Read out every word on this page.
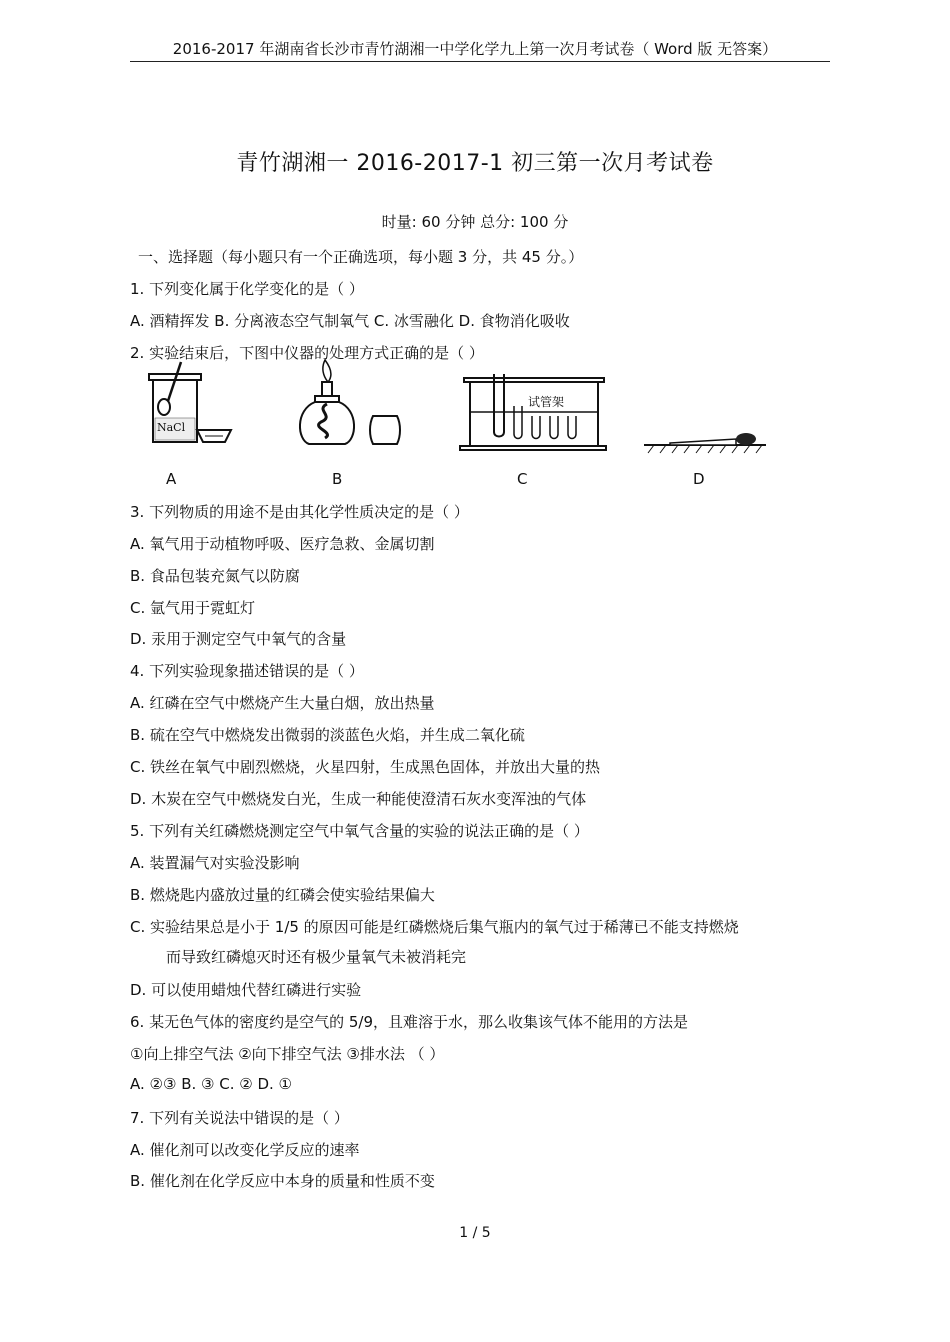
2016-2017 年湖南省长沙市青竹湖湘一中学化学九上第一次月考试卷（ Word 版 无答案）
青竹湖湘一 2016-2017-1 初三第一次月考试卷
时量: 60 分钟 总分: 100 分
一、选择题（每小题只有一个正确选项，每小题 3 分，共 45 分。）
1. 下列变化属于化学变化的是（ ）
A. 酒精挥发 B. 分离液态空气制氧气 C. 冰雪融化 D. 食物消化吸收
2. 实验结束后，下图中仪器的处理方式正确的是（ ）
NaCl
试管架
A	B	C	D
3. 下列物质的用途不是由其化学性质决定的是（ ）
A. 氧气用于动植物呼吸、医疗急救、金属切割
B. 食品包装充氮气以防腐
C. 氩气用于霓虹灯
D. 汞用于测定空气中氧气的含量
4. 下列实验现象描述错误的是（ ）
A. 红磷在空气中燃烧产生大量白烟，放出热量
B. 硫在空气中燃烧发出微弱的淡蓝色火焰，并生成二氧化硫
C. 铁丝在氧气中剧烈燃烧，火星四射，生成黑色固体，并放出大量的热
D. 木炭在空气中燃烧发白光，生成一种能使澄清石灰水变浑浊的气体
5. 下列有关红磷燃烧测定空气中氧气含量的实验的说法正确的是（ ）
A. 装置漏气对实验没影响
B. 燃烧匙内盛放过量的红磷会使实验结果偏大
C. 实验结果总是小于 1/5 的原因可能是红磷燃烧后集气瓶内的氧气过于稀薄已不能支持燃烧
而导致红磷熄灭时还有极少量氧气未被消耗完
D. 可以使用蜡烛代替红磷进行实验
6. 某无色气体的密度约是空气的 5/9，且难溶于水，那么收集该气体不能用的方法是
①向上排空气法 ②向下排空气法 ③排水法 （ ）
A. ②③ B. ③ C. ② D. ①
7. 下列有关说法中错误的是（ ）
A. 催化剂可以改变化学反应的速率
B. 催化剂在化学反应中本身的质量和性质不变
1 / 5
